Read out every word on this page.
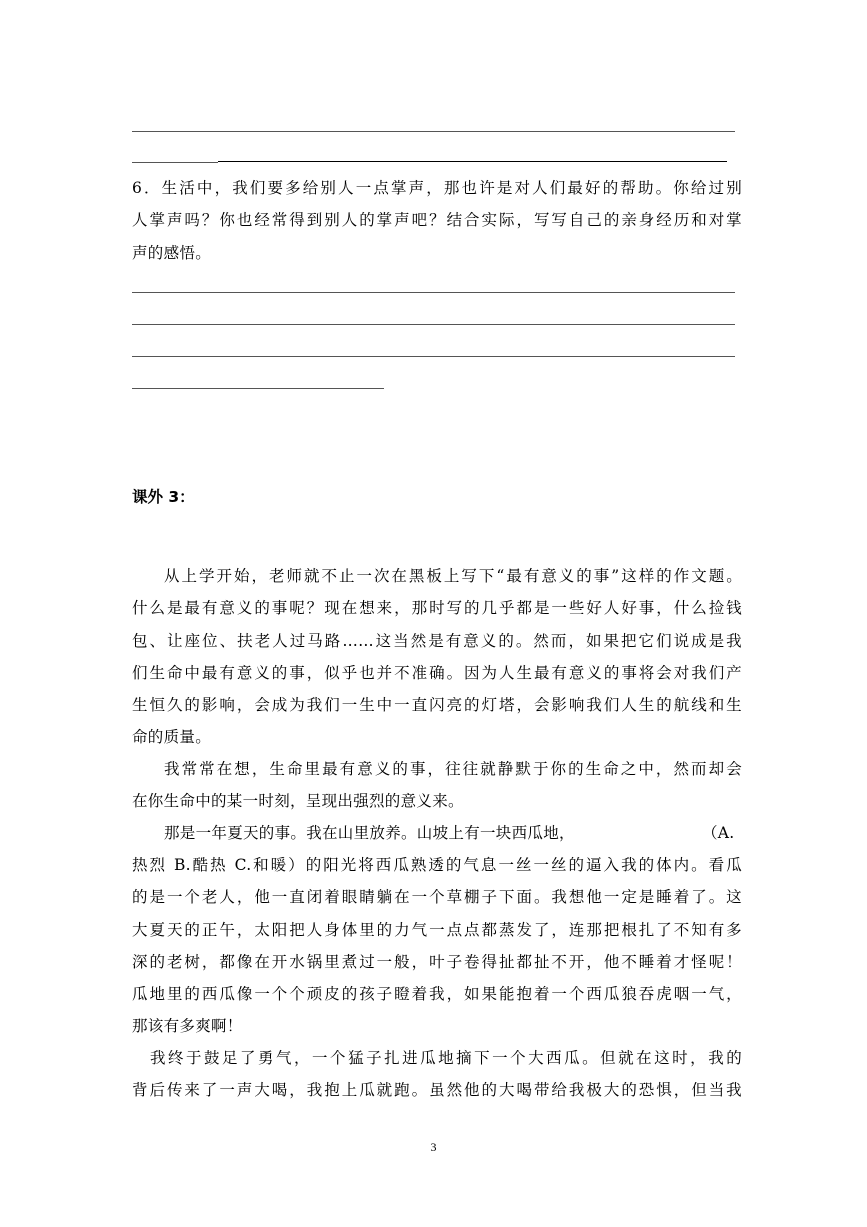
6．生活中，我们要多给别人一点掌声，那也许是对人们最好的帮助。你给过别
人掌声吗？你也经常得到别人的掌声吧？结合实际，写写自己的亲身经历和对掌
声的感悟。
课外 3：
从上学开始，老师就不止一次在黑板上写下“最有意义的事”这样的作文题。
什么是最有意义的事呢？现在想来，那时写的几乎都是一些好人好事，什么捡钱
包、让座位、扶老人过马路……这当然是有意义的。然而，如果把它们说成是我
们生命中最有意义的事，似乎也并不准确。因为人生最有意义的事将会对我们产
生恒久的影响，会成为我们一生中一直闪亮的灯塔，会影响我们人生的航线和生
命的质量。
我常常在想，生命里最有意义的事，往往就静默于你的生命之中，然而却会
在你生命中的某一时刻，呈现出强烈的意义来。
那是一年夏天的事。我在山里放养。山坡上有一块西瓜地，	（A.
热烈 B.酷热 C.和暖）的阳光将西瓜熟透的气息一丝一丝的逼入我的体内。看瓜
的是一个老人，他一直闭着眼睛躺在一个草棚子下面。我想他一定是睡着了。这
大夏天的正午，太阳把人身体里的力气一点点都蒸发了，连那把根扎了不知有多
深的老树，都像在开水锅里煮过一般，叶子卷得扯都扯不开，他不睡着才怪呢！
瓜地里的西瓜像一个个顽皮的孩子瞪着我，如果能抱着一个西瓜狼吞虎咽一气，
那该有多爽啊！
我终于鼓足了勇气，一个猛子扎进瓜地摘下一个大西瓜。但就在这时，我的
背后传来了一声大喝，我抱上瓜就跑。虽然他的大喝带给我极大的恐惧，但当我
3
